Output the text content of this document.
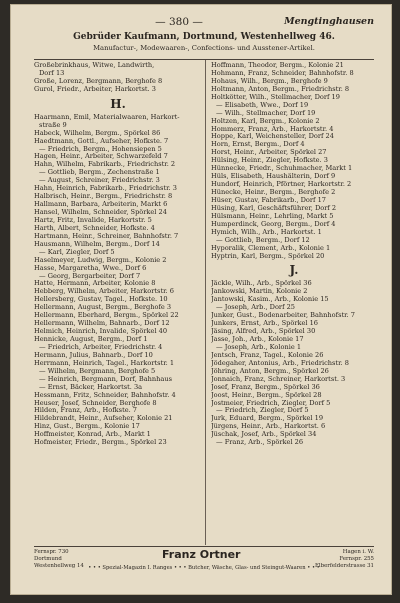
— 380 —	Mengtinghausen
Gebrüder Kaufmann, Dortmund, Westenhellweg 46.
Manufactur-, Modewaaren-, Confections- und Ausstener-Artikel.
Großebrinkhaus, Witwe, Landwirth,
Dorf 13
Große, Lorenz, Bergmann, Berghofe 8
Gurol, Friedr., Arbeiter, Harkortst. 3
H.
Haarmann, Emil, Materialwaaren, Harkort-
straße 9
Habeck, Wilhelm, Bergm., Spörkel 86
Haedtmann, Gottl., Aufseher, Hofkste. 7
— Friedrich, Bergm., Hohensiepen 5
Hagen, Heinr., Arbeiter, Schwarzefeld 7
Hahn, Wilhelm, Fabrikarb., Friedrichstr. 2
— Gottlieb, Bergm., Zechenstraße 1
— August, Schreiner, Friedrichstr. 3
Hahn, Heinrich, Fabrikarb., Friedrichstr. 3
Halbrisch, Heinr., Bergm., Friedrichstr. 8
Hallmann, Barbara, Arbeiterin, Markt 6
Hansel, Wilhelm, Schneider, Spörkel 24
Hartz, Fritz, Invalide, Harkortstr. 5
Harth, Albert, Schneider, Hofkste. 4
Hartmann, Heinr., Schreiner, Bahnhofstr. 7
Hausmann, Wilhelm, Bergm., Dorf 14
— Karl, Ziegler, Dorf 5
Haselmeyer, Ludwig, Bergm., Kolonie 2
Hasse, Margaretha, Wwe., Dorf 6
— Georg, Bergarbeiter, Dorf 7
Hatte, Hermann, Arbeiter, Kolonie 8
Hebberg, Wilhelm, Arbeiter, Harkortstr. 6
Hellersberg, Gustav, Tagel., Hofkste. 10
Hellermann, August, Bergm., Berghofe 3
Hellermann, Eberhard, Bergm., Spörkel 22
Hellermann, Wilhelm, Bahnarb., Dorf 12
Helmich, Heinrich, Invalide, Spörkel 40
Hennicke, August, Bergm., Dorf 1
— Friedrich, Arbeiter, Friedrichstr. 4
Hermann, Julius, Bahnarb., Dorf 10
Herrmann, Heinrich, Tagel., Harkortstr. 1
— Wilhelm, Bergmann, Berghofe 5
— Heinrich, Bergmann, Dorf, Bahnhaus
— Ernst, Bäcker, Harkortst. 3a
Hessmann, Fritz, Schneider, Bahnhofstr. 4
Heuser, Josef, Schneider, Berghofe 8
Hilden, Franz, Arb., Hofkste. 7
Hildebrandt, Heinr., Aufseher, Kolonie 21
Hinz, Gust., Bergm., Kolonie 17
Hoffmeister, Konrad, Arb., Markt 1
Hofmeister, Friedr., Bergm., Spörkel 23
Hoffmann, Theodor, Bergm., Kolonie 21
Hohmann, Franz, Schneider, Bahnhofstr. 8
Hohaus, Wilh., Bergm., Berghofe 9
Holtmann, Anton, Bergm., Friedrichstr. 8
Holtkötter, Wilh., Stellmacher, Dorf 19
— Elisabeth, Wwe., Dorf 19
— Wilh., Stellmacher, Dorf 19
Holtzen, Karl, Bergm., Kolonie 2
Hommerz, Franz, Arb., Harkortstr. 4
Hoppe, Karl, Weichensteller, Dorf 24
Horn, Ernst, Bergm., Dorf 4
Horst, Heinr., Arbeiter, Spörkel 27
Hülsing, Heinr., Ziegler, Hofkste. 3
Hünnecke, Friedr., Schuhmacher, Markt 1
Hüls, Elisabeth, Haushälterin, Dorf 9
Hundorf, Heinrich, Pförtner, Harkortstr. 2
Hünecke, Heinr., Bergm., Berghofe 2
Hüser, Gustav, Fabrikarb., Dorf 17
Hüsing, Karl, Geschäftsführer, Dorf 2
Hülsmann, Heinr., Lehrling, Markt 5
Humperdinck, Georg, Bergm., Dorf 4
Hymich, Wilh., Arb., Harkortst. 1
— Gottlieb, Bergm., Dorf 12
Hyporalik, Clement, Arb., Kolonie 1
Hyptrin, Karl, Bergm., Spörkel 20
J.
Jäckle, Wilh., Arb., Spörkel 36
Jankowski, Martin, Kolonie 2
Jantowski, Kasim., Arb., Kolonie 15
— Joseph, Arb., Dorf 25
Junker, Gust., Bodenarbeiter, Bahnhofstr. 7
Junkers, Ernst, Arb., Spörkel 16
Jäsing, Alfred, Arb., Spörkel 30
Jasse, Joh., Arb., Kolonie 17
— Joseph, Arb., Kolonie 1
Jentsch, Franz, Tagel., Kolonie 26
Jödegaher, Antonius, Arb., Friedrichstr. 8
Jöhring, Anton, Bergm., Spörkel 26
Jonnaich, Franz, Schreiner, Harkortst. 3
Josef, Franz, Bergm., Spörkel 36
Joost, Heinr., Bergm., Spörkel 28
Jostmeier, Friedrich, Ziegler, Dorf 5
— Friedrich, Ziegler, Dorf 5
Jurk, Eduard, Bergm., Spörkel 19
Jürgens, Heinr., Arb., Harkortst. 6
Jüschak, Josef, Arb., Spörkel 34
— Franz, Arb., Spörkel 26
Fernspr. 730
Dortmund
Westenhellweg 14
Franz Ortner	Hagen i. W.
Fernspr. 255
Elberfelderstrasse 31
• • • Spezial-Magazin I. Ranges • • • Butcher, Wäsche, Glas- und Steingut-Waaren • • •
